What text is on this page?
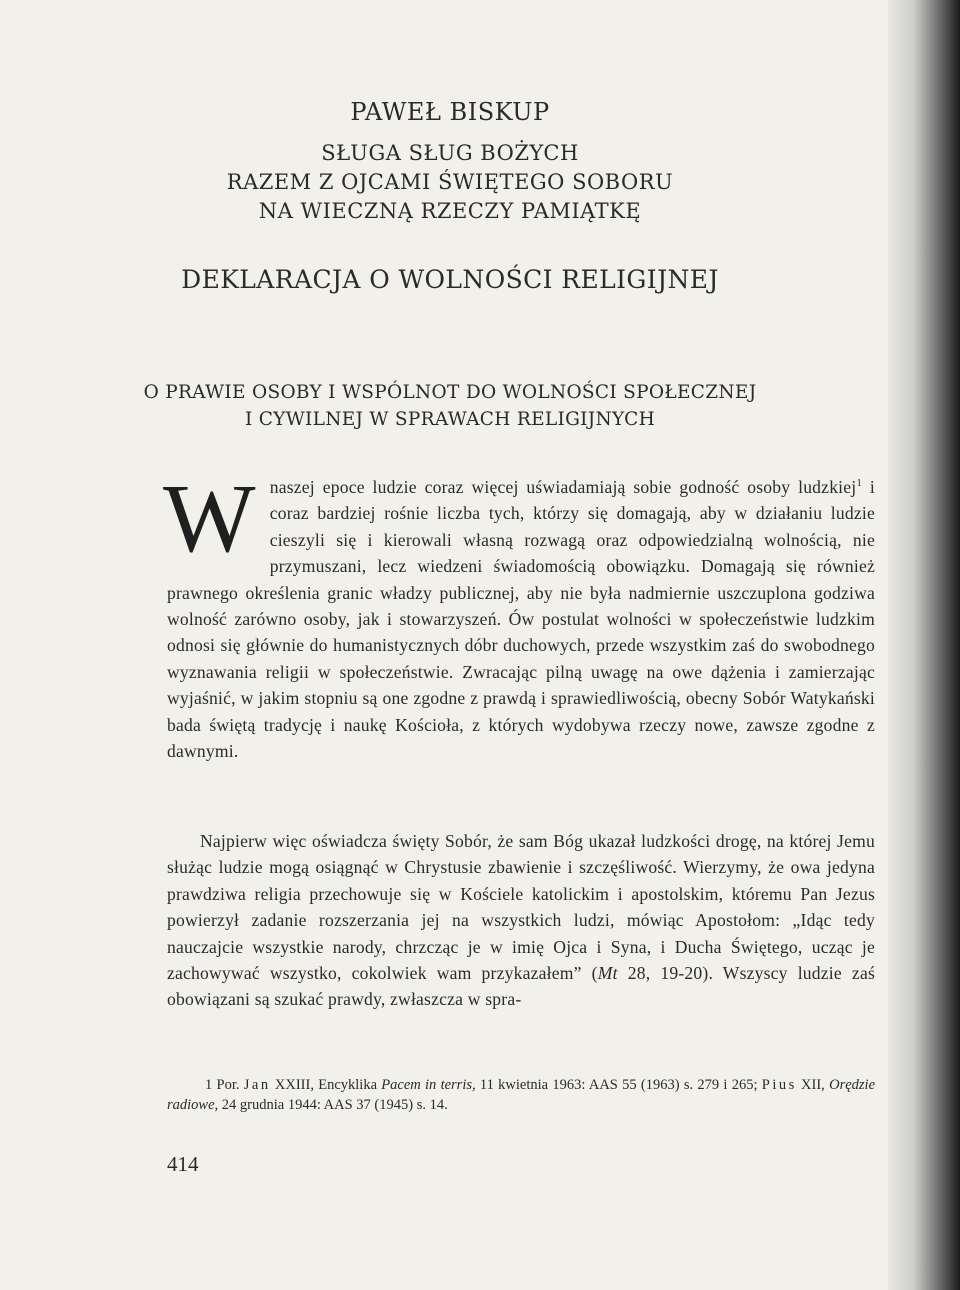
PAWEŁ BISKUP
SŁUGA SŁUG BOŻYCH
RAZEM Z OJCAMI ŚWIĘTEGO SOBORU
NA WIECZNĄ RZECZY PAMIĄTKĘ
DEKLARACJA O WOLNOŚCI RELIGIJNEJ
O PRAWIE OSOBY I WSPÓLNOT DO WOLNOŚCI SPOŁECZNEJ
I CYWILNEJ W SPRAWACH RELIGIJNYCH

Wnaszej epoce ludzie coraz więcej uświadamiają sobie godność osoby ludzkiej$^1$ i coraz bardziej rośnie liczba tych, którzy się domagają, aby w działaniu ludzie cieszyli się i kierowali własną rozwagą oraz odpowiedzialną wolnością, nie przymuszani, lecz wiedzeni świadomością obowiązku. Domagają się również prawnego określenia granic władzy publicznej, aby nie była nadmiernie uszczuplona godziwa wolność zarówno osoby, jak i stowarzyszeń. Ów postulat wolności w społeczeństwie ludzkim odnosi się głównie do humanistycznych dóbr duchowych, przede wszystkim zaś do swobodnego wyznawania religii w społeczeństwie. Zwracając pilną uwagę na owe dążenia i zamierzając wyjaśnić, w jakim stopniu są one zgodne z prawdą i sprawiedliwością, obecny Sobór Watykański bada świętą tradycję i naukę Kościoła, z których wydobywa rzeczy nowe, zawsze zgodne z dawnymi.

Najpierw więc oświadcza święty Sobór, że sam Bóg ukazał ludzkości drogę, na której Jemu służąc ludzie mogą osiągnąć w Chrystusie zbawienie i szczęśliwość. Wierzymy, że owa jedyna prawdziwa religia przechowuje się w Kościele katolickim i apostolskim, któremu Pan Jezus powierzył zadanie rozszerzania jej na wszystkich ludzi, mówiąc Apostołom: „Idąc tedy nauczajcie wszystkie narody, chrzcząc je w imię Ojca i Syna, i Ducha Świętego, ucząc je zachowywać wszystko, cokolwiek wam przykazałem” (Mt 28, 19-20). Wszyscy ludzie zaś obowiązani są szukać prawdy, zwłaszcza w spra-

1 Por. Jan XXIII, Encyklika Pacem in terris, 11 kwietnia 1963: AAS 55 (1963) s. 279 i 265; Pius XII, Orędzie radiowe, 24 grudnia 1944: AAS 37 (1945) s. 14.

414
